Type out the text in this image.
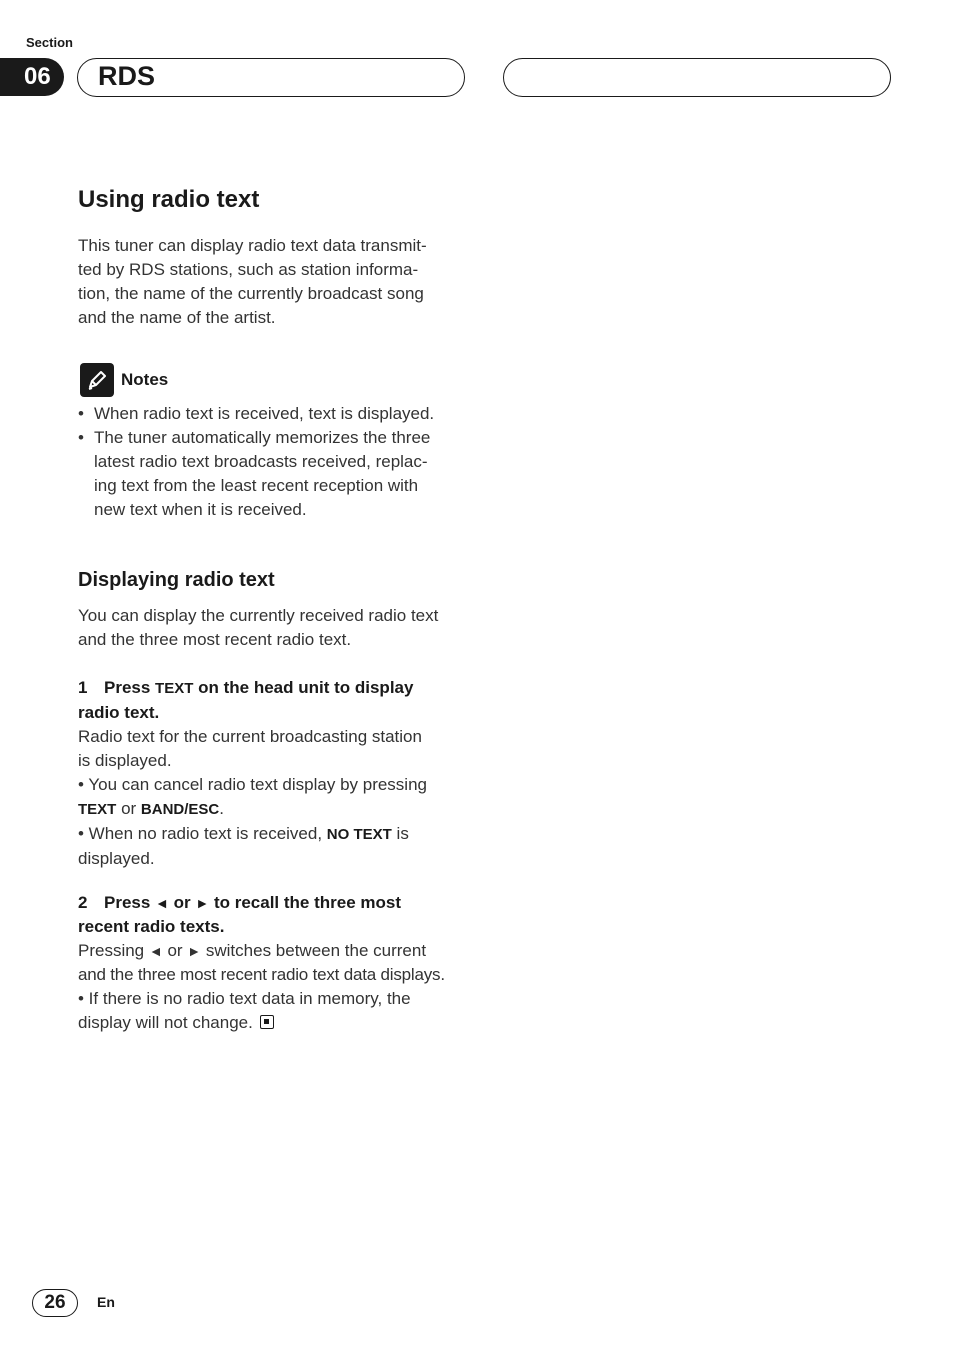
Section
06 RDS
Using radio text
This tuner can display radio text data transmit-
ted by RDS stations, such as station informa-
tion, the name of the currently broadcast song
and the name of the artist.
Notes
• When radio text is received, text is displayed.
• The tuner automatically memorizes the three
latest radio text broadcasts received, replac-
ing text from the least recent reception with
new text when it is received.
Displaying radio text
You can display the currently received radio text
and the three most recent radio text.
1 Press TEXT on the head unit to display
radio text.
Radio text for the current broadcasting station
is displayed.
• You can cancel radio text display by pressing
TEXT or BAND/ESC.
• When no radio text is received, NO TEXT is
displayed.
2 Press ◄ or ► to recall the three most
recent radio texts.
Pressing ◄ or ► switches between the current
and the three most recent radio text data displays.
• If there is no radio text data in memory, the
display will not change.
26 En
